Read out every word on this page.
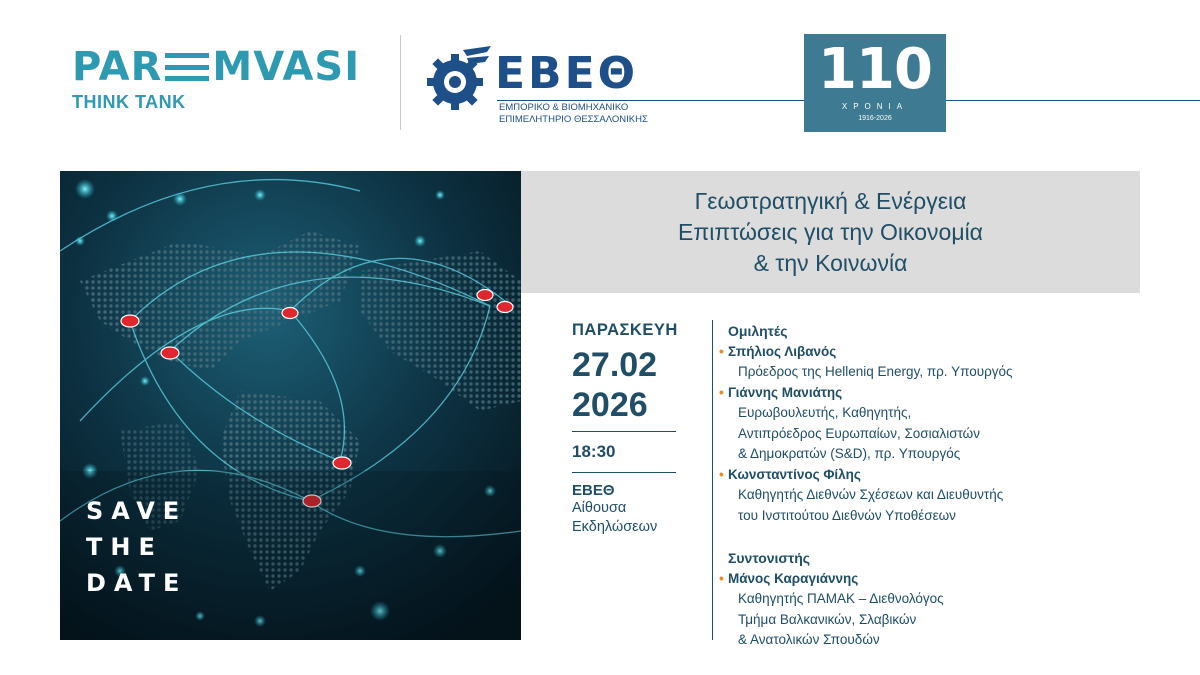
PAR MVASI
THINK TANK
EBEΘ
ΕΜΠΟΡΙΚΟ & ΒΙΟΜΗΧΑΝΙΚΟ
ΕΠΙΜΕΛΗΤΗΡΙΟ ΘΕΣΣΑΛΟΝΙΚΗΣ
110
ΧΡΟΝΙΑ
1916-2026
SAVE
THE
DATE
Γεωστρατηγική & Ενέργεια
Επιπτώσεις για την Οικονομία
& την Κοινωνία
ΠΑΡΑΣΚΕΥΗ
27.02
2026
18:30
ΕΒΕΘ
Αίθουσα
Εκδηλώσεων
Ομιλητές
• Σπήλιος Λιβανός
Πρόεδρος της Helleniq Energy, πρ. Υπουργός
• Γιάννης Μανιάτης
Ευρωβουλευτής, Καθηγητής,
Αντιπρόεδρος Ευρωπαίων, Σοσιαλιστών
& Δημοκρατών (S&D), πρ. Υπουργός
• Κωνσταντίνος Φίλης
Καθηγητής Διεθνών Σχέσεων και Διευθυντής
του Ινστιτούτου Διεθνών Υποθέσεων
Συντονιστής
• Μάνος Καραγιάννης
Καθηγητής ΠΑΜΑΚ – Διεθνολόγος
Τμήμα Βαλκανικών, Σλαβικών
& Ανατολικών Σπουδών
